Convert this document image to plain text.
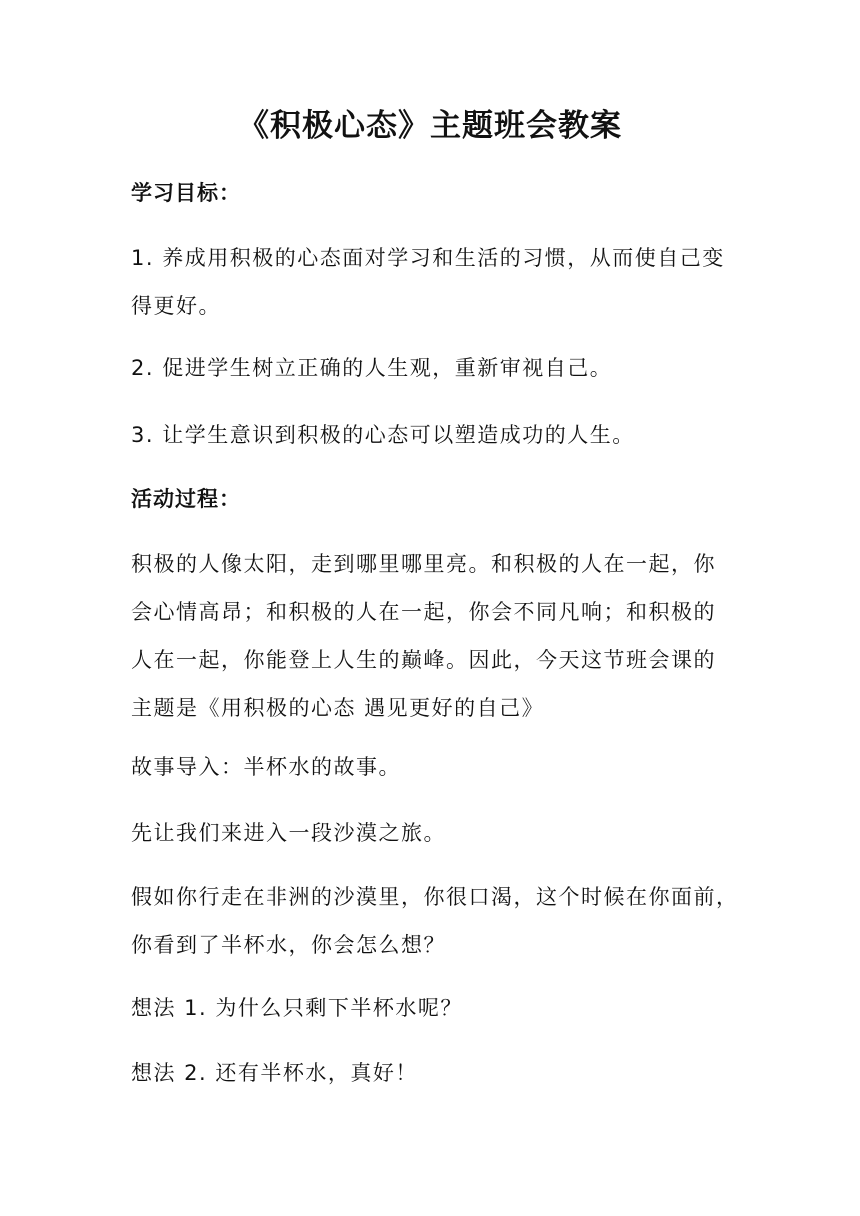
《积极心态》主题班会教案
学习目标：
1. 养成用积极的心态面对学习和生活的习惯，从而使自己变
得更好。
2. 促进学生树立正确的人生观，重新审视自己。
3. 让学生意识到积极的心态可以塑造成功的人生。
活动过程：
积极的人像太阳，走到哪里哪里亮。和积极的人在一起，你
会心情高昂；和积极的人在一起，你会不同凡响；和积极的
人在一起，你能登上人生的巅峰。因此，今天这节班会课的
主题是《用积极的心态 遇见更好的自己》
故事导入：半杯水的故事。
先让我们来进入一段沙漠之旅。
假如你行走在非洲的沙漠里，你很口渴，这个时候在你面前，
你看到了半杯水，你会怎么想？
想法 1. 为什么只剩下半杯水呢？
想法 2. 还有半杯水，真好！
